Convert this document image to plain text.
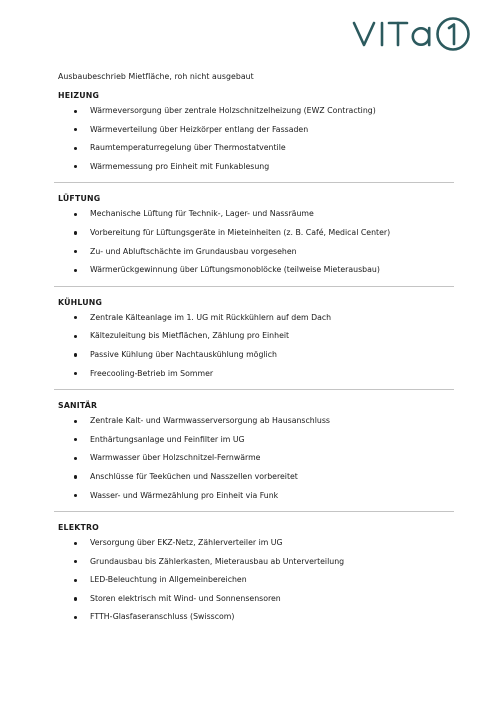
Ausbaubeschrieb Mietfläche, roh nicht ausgebaut
HEIZUNG
Wärmeversorgung über zentrale Holzschnitzelheizung (EWZ Contracting)
Wärmeverteilung über Heizkörper entlang der Fassaden
Raumtemperaturregelung über Thermostatventile
Wärmemessung pro Einheit mit Funkablesung
LÜFTUNG
Mechanische Lüftung für Technik-, Lager- und Nassräume
Vorbereitung für Lüftungsgeräte in Mieteinheiten (z. B. Café, Medical Center)
Zu- und Abluftschächte im Grundausbau vorgesehen
Wärmerückgewinnung über Lüftungsmonoblöcke (teilweise Mieterausbau)
KÜHLUNG
Zentrale Kälteanlage im 1. UG mit Rückkühlern auf dem Dach
Kältezuleitung bis Mietflächen, Zählung pro Einheit
Passive Kühlung über Nachtauskühlung möglich
Freecooling-Betrieb im Sommer
SANITÄR
Zentrale Kalt- und Warmwasserversorgung ab Hausanschluss
Enthärtungsanlage und Feinfilter im UG
Warmwasser über Holzschnitzel-Fernwärme
Anschlüsse für Teeküchen und Nasszellen vorbereitet
Wasser- und Wärmezählung pro Einheit via Funk
ELEKTRO
Versorgung über EKZ-Netz, Zählerverteiler im UG
Grundausbau bis Zählerkasten, Mieterausbau ab Unterverteilung
LED-Beleuchtung in Allgemeinbereichen
Storen elektrisch mit Wind- und Sonnensensoren
FTTH-Glasfaseranschluss (Swisscom)
